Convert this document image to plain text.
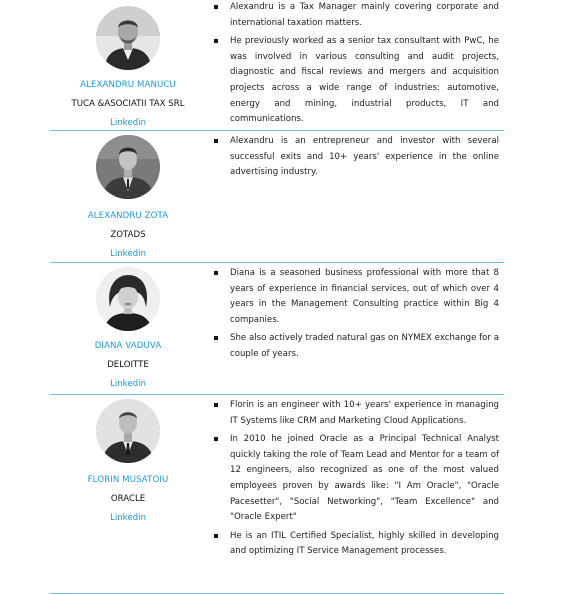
ALEXANDRU MANUCU
TUCA &ASOCIATII TAX SRL
Linkedin
Alexandru is a Tax Manager mainly covering corporate and international taxation matters.
He previously worked as a senior tax consultant with PwC, he was involved in various consulting and audit projects, diagnostic and fiscal reviews and mergers and acquisition projects across a wide range of industries: automotive, energy and mining, industrial products, IT and communications.
ALEXANDRU ZOTA
ZOTADS
Linkedin
Alexandru is an entrepreneur and investor with several successful exits and 10+ years' experience in the online advertising industry.
DIANA VADUVA
DELOITTE
Linkedin
Diana is a seasoned business professional with more that 8 years of experience in financial services, out of which over 4 years in the Management Consulting practice within Big 4 companies.
She also actively traded natural gas on NYMEX exchange for a couple of years.
FLORIN MUSATOIU
ORACLE
Linkedin
Florin is an engineer with 10+ years' experience in managing IT Systems like CRM and Marketing Cloud Applications.
In 2010 he joined Oracle as a Principal Technical Analyst quickly taking the role of Team Lead and Mentor for a team of 12 engineers, also recognized as one of the most valued employees proven by awards like: "I Am Oracle", "Oracle Pacesetter", "Social Networking", "Team Excellence" and "Oracle Expert"
He is an ITIL Certified Specialist, highly skilled in developing and optimizing IT Service Management processes.
